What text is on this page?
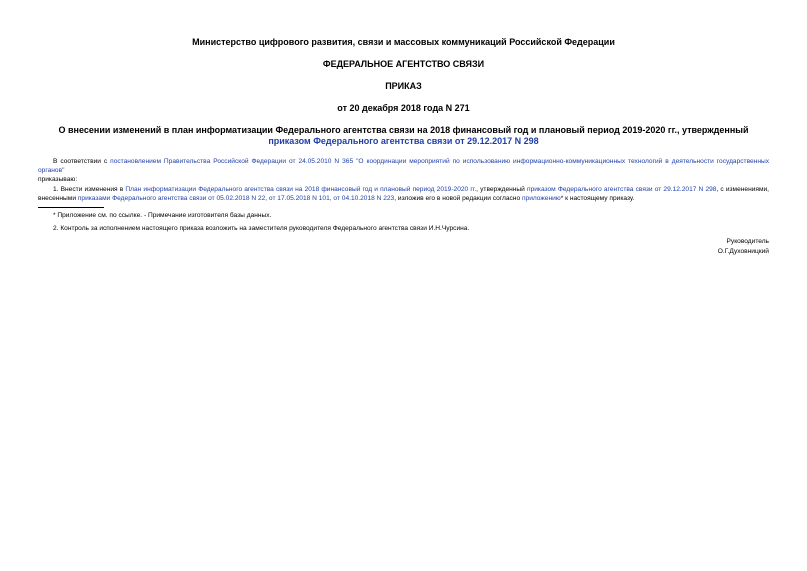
Министерство цифрового развития, связи и массовых коммуникаций Российской Федерации

ФЕДЕРАЛЬНОЕ АГЕНТСТВО СВЯЗИ

ПРИКАЗ

от 20 декабря 2018 года N 271

О внесении изменений в план информатизации Федерального агентства связи на 2018 финансовый год и плановый период 2019-2020 гг., утвержденный приказом Федерального агентства связи от 29.12.2017 N 298

В соответствии с постановлением Правительства Российской Федерации от 24.05.2010 N 365 "О координации мероприятий по использованию информационно-коммуникационных технологий в деятельности государственных органов"

приказываю:

1. Внести изменения в План информатизации Федерального агентства связи на 2018 финансовый год и плановый период 2019-2020 гг., утвержденный приказом Федерального агентства связи от 29.12.2017 N 298, с изменениями, внесенными приказами Федерального агентства связи от 05.02.2018 N 22, от 17.05.2018 N 101, от 04.10.2018 N 223, изложив его в новой редакции согласно приложению* к настоящему приказу.

* Приложение см. по ссылке. - Примечание изготовителя базы данных.

2. Контроль за исполнением настоящего приказа возложить на заместителя руководителя Федерального агентства связи И.Н.Чурсина.

Руководитель

О.Г.Духовницкий
